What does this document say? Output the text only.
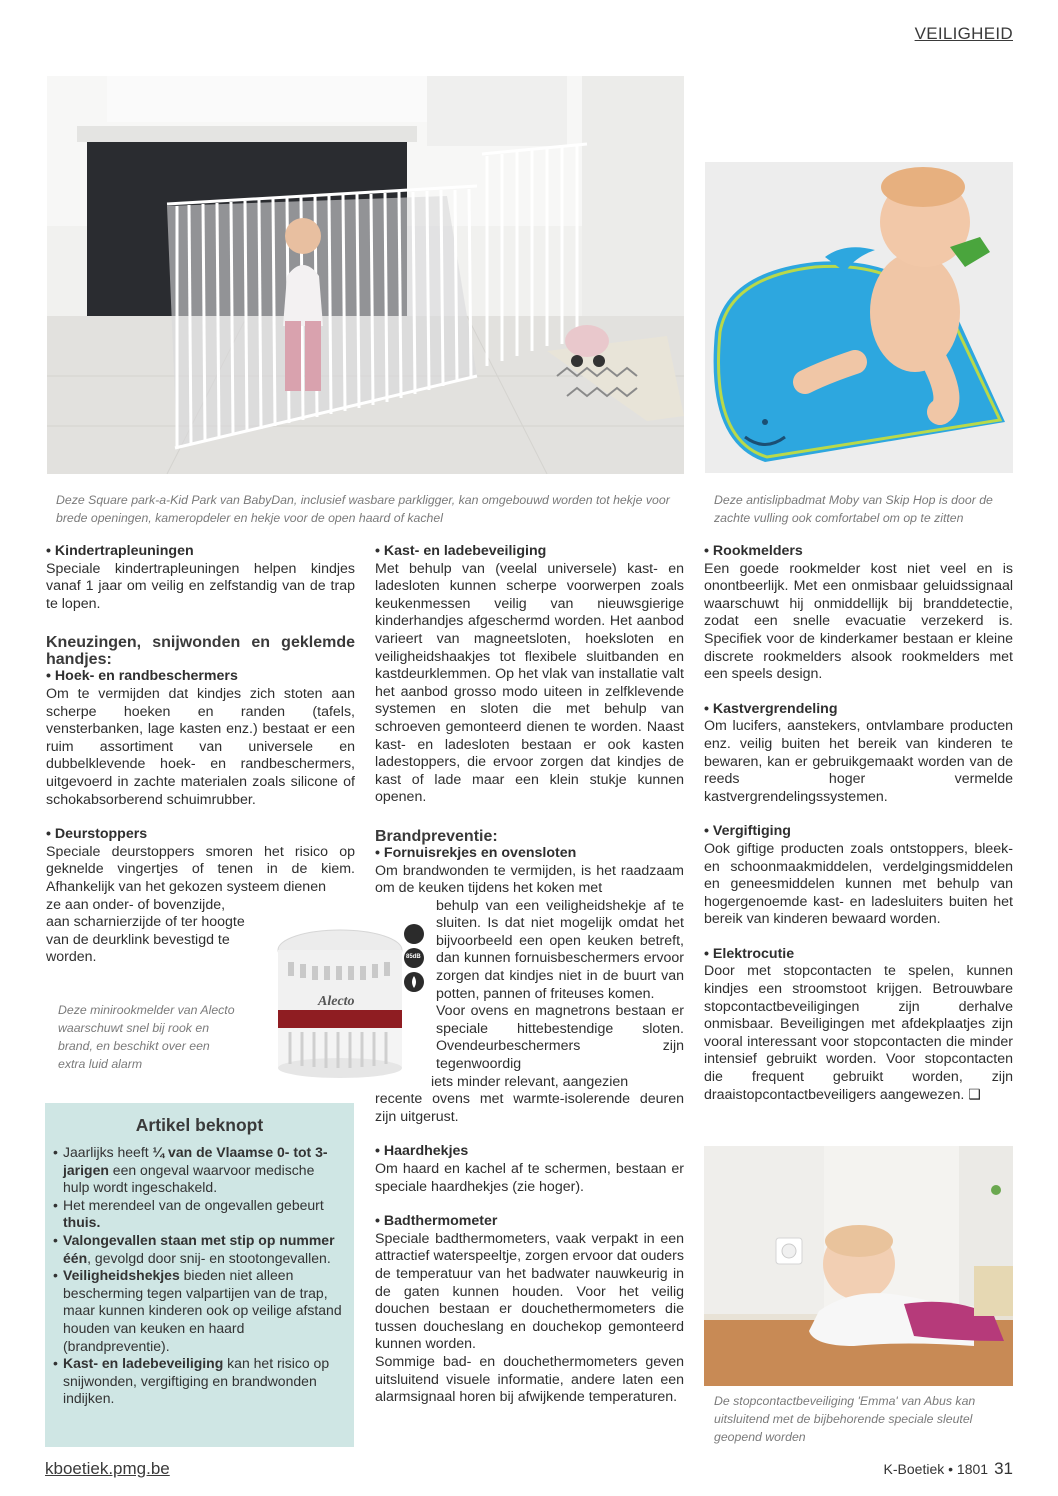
VEILIGHEID
Deze Square park-a-Kid Park van BabyDan, inclusief wasbare parkligger, kan omgebouwd worden tot hekje voor brede openingen, kameropdeler en hekje voor de open haard of kachel
Deze antislipbadmat Moby van Skip Hop is door de zachte vulling ook comfortabel om op te zitten

• Kindertrapleuningen

Speciale kindertrapleuningen helpen kindjes vanaf 1 jaar om veilig en zelfstandig van de trap te lopen.

Kneuzingen, snijwonden en geklemde handjes:

• Hoek- en randbeschermers

Om te vermijden dat kindjes zich stoten aan scherpe hoeken en randen (tafels, vensterbanken, lage kasten enz.) bestaat er een ruim assortiment van universele en dubbelklevende hoek- en randbeschermers, uitgevoerd in zachte materialen zoals silicone of schokabsorberend schuimrubber.

• Deurstoppers

Speciale deurstoppers smoren het risico op geknelde vingertjes of tenen in de kiem. Afhankelijk van het gekozen systeem dienen

ze aan onder- of bovenzijde,

aan scharnierzijde of ter hoogte

van de deurklink bevestigd te

worden.

Alecto
85dB
Deze minirookmelder van Alecto waarschuwt snel bij rook en brand, en beschikt over een extra luid alarm
Artikel beknopt
• Jaarlijks heeft ¼ van de Vlaamse 0- tot 3-jarigen een ongeval waarvoor medische hulp wordt ingeschakeld.
• Het merendeel van de ongevallen gebeurt thuis.
• Valongevallen staan met stip op nummer één, gevolgd door snij- en stootongevallen.
• Veiligheidshekjes bieden niet alleen bescherming tegen valpartijen van de trap, maar kunnen kinderen ook op veilige afstand houden van keuken en haard (brandpreventie).
• Kast- en ladebeveiliging kan het risico op snijwonden, vergiftiging en brandwonden indijken.

• Kast- en ladebeveiliging

Met behulp van (veelal universele) kast- en ladesloten kunnen scherpe voorwerpen zoals keukenmessen veilig van nieuwsgierige kinderhandjes afgeschermd worden. Het aanbod varieert van magneetsloten, hoeksloten en veiligheidshaakjes tot flexibele sluitbanden en kastdeurklemmen. Op het vlak van installatie valt het aanbod grosso modo uiteen in zelfklevende systemen en sloten die met behulp van schroeven gemonteerd dienen te worden. Naast kast- en ladesloten bestaan er ook kasten ladestoppers, die ervoor zorgen dat kindjes de kast of lade maar een klein stukje kunnen openen.

Brandpreventie:

• Fornuisrekjes en ovensloten

Om brandwonden te vermijden, is het raadzaam om de keuken tijdens het koken met

behulp van een veiligheidshekje af te sluiten. Is dat niet mogelijk omdat het bijvoorbeeld een open keuken betreft, dan kunnen fornuisbeschermers ervoor zorgen dat kindjes niet in de buurt van potten, pannen of friteuses komen.

Voor ovens en magnetrons bestaan er speciale hittebestendige sloten. Ovendeurbeschermers zijn tegenwoordig

iets minder relevant, aangezien

recente ovens met warmte-isolerende deuren zijn uitgerust.

• Haardhekjes

Om haard en kachel af te schermen, bestaan er speciale haardhekjes (zie hoger).

• Badthermometer

Speciale badthermometers, vaak verpakt in een attractief waterspeeltje, zorgen ervoor dat ouders de temperatuur van het badwater nauwkeurig in de gaten kunnen houden. Voor het veilig douchen bestaan er douchethermometers die tussen doucheslang en douchekop gemonteerd kunnen worden.

Sommige bad- en douchethermometers geven uitsluitend visuele informatie, andere laten een alarmsignaal horen bij afwijkende temperaturen.

• Rookmelders

Een goede rookmelder kost niet veel en is onontbeerlijk. Met een onmisbaar geluidssignaal waarschuwt hij onmiddellijk bij branddetectie, zodat een snelle evacuatie verzekerd is. Specifiek voor de kinderkamer bestaan er kleine discrete rookmelders alsook rookmelders met een speels design.

• Kastvergrendeling

Om lucifers, aanstekers, ontvlambare producten enz. veilig buiten het bereik van kinderen te bewaren, kan er gebruikgemaakt worden van de reeds hoger vermelde kastvergrendelingssystemen.

• Vergiftiging

Ook giftige producten zoals ontstoppers, bleek- en schoonmaakmiddelen, verdelgingsmiddelen en geneesmiddelen kunnen met behulp van hogergenoemde kast- en ladesluiters buiten het bereik van kinderen bewaard worden.

• Elektrocutie

Door met stopcontacten te spelen, kunnen kindjes een stroomstoot krijgen. Betrouwbare stopcontactbeveiligingen zijn derhalve onmisbaar. Beveiligingen met afdekplaatjes zijn vooral interessant voor stopcontacten die minder intensief gebruikt worden. Voor stopcontacten die frequent gebruikt worden, zijn draaistopcontactbeveiligers aangewezen. ❑

De stopcontactbeveiliging 'Emma' van Abus kan uitsluitend met de bijbehorende speciale sleutel geopend worden
kboetiek.pmg.be	K-Boetiek • 1801 31
